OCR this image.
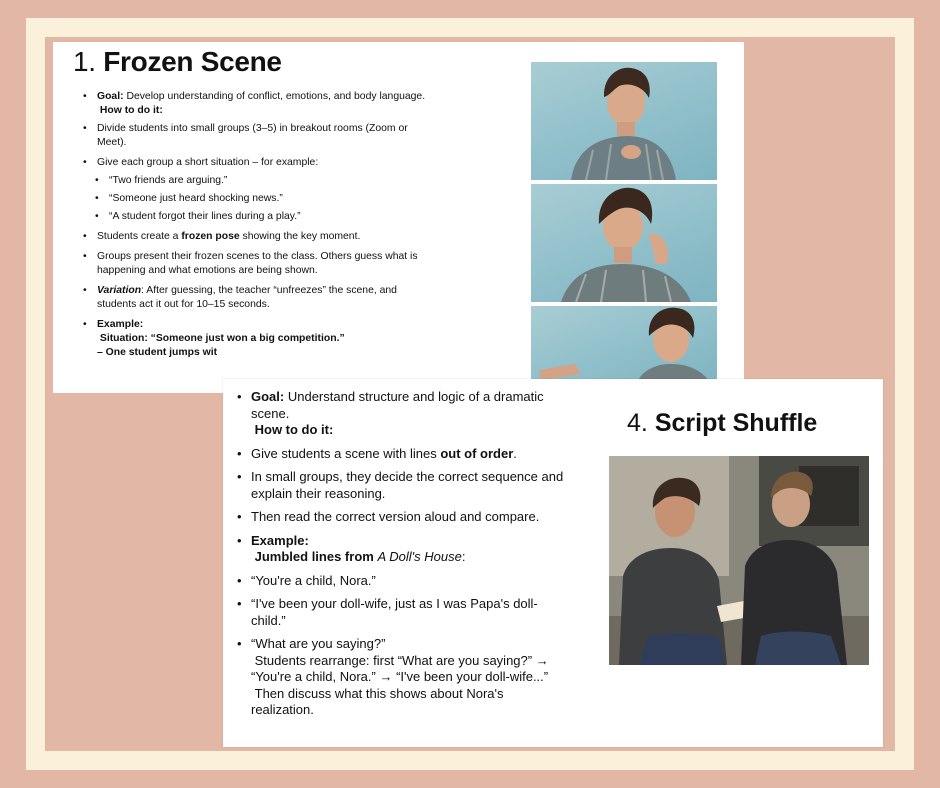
1. Frozen Scene
• Goal: Develop understanding of conflict, emotions, and body language.
How to do it:
• Divide students into small groups (3–5) in breakout rooms (Zoom or Meet).
• Give each group a short situation – for example:
• “Two friends are arguing.”
• “Someone just heard shocking news.”
• “A student forgot their lines during a play.”
• Students create a frozen pose showing the key moment.
• Groups present their frozen scenes to the class. Others guess what is happening and what emotions are being shown.
• Variation: After guessing, the teacher “unfreezes” the scene, and students act it out for 10–15 seconds.
• Example:
Situation: “Someone just won a big competition.”
– One student jumps wit
• Goal: Understand structure and logic of a dramatic scene.
How to do it:
• Give students a scene with lines out of order.
• In small groups, they decide the correct sequence and explain their reasoning.
• Then read the correct version aloud and compare.
• Example:
Jumbled lines from A Doll's House:
• “You're a child, Nora.”
• “I've been your doll-wife, just as I was Papa's doll-child.”
• “What are you saying?”
Students rearrange: first “What are you saying?” → “You're a child, Nora.” → “I've been your doll-wife...”
Then discuss what this shows about Nora's realization.
4. Script Shuffle
